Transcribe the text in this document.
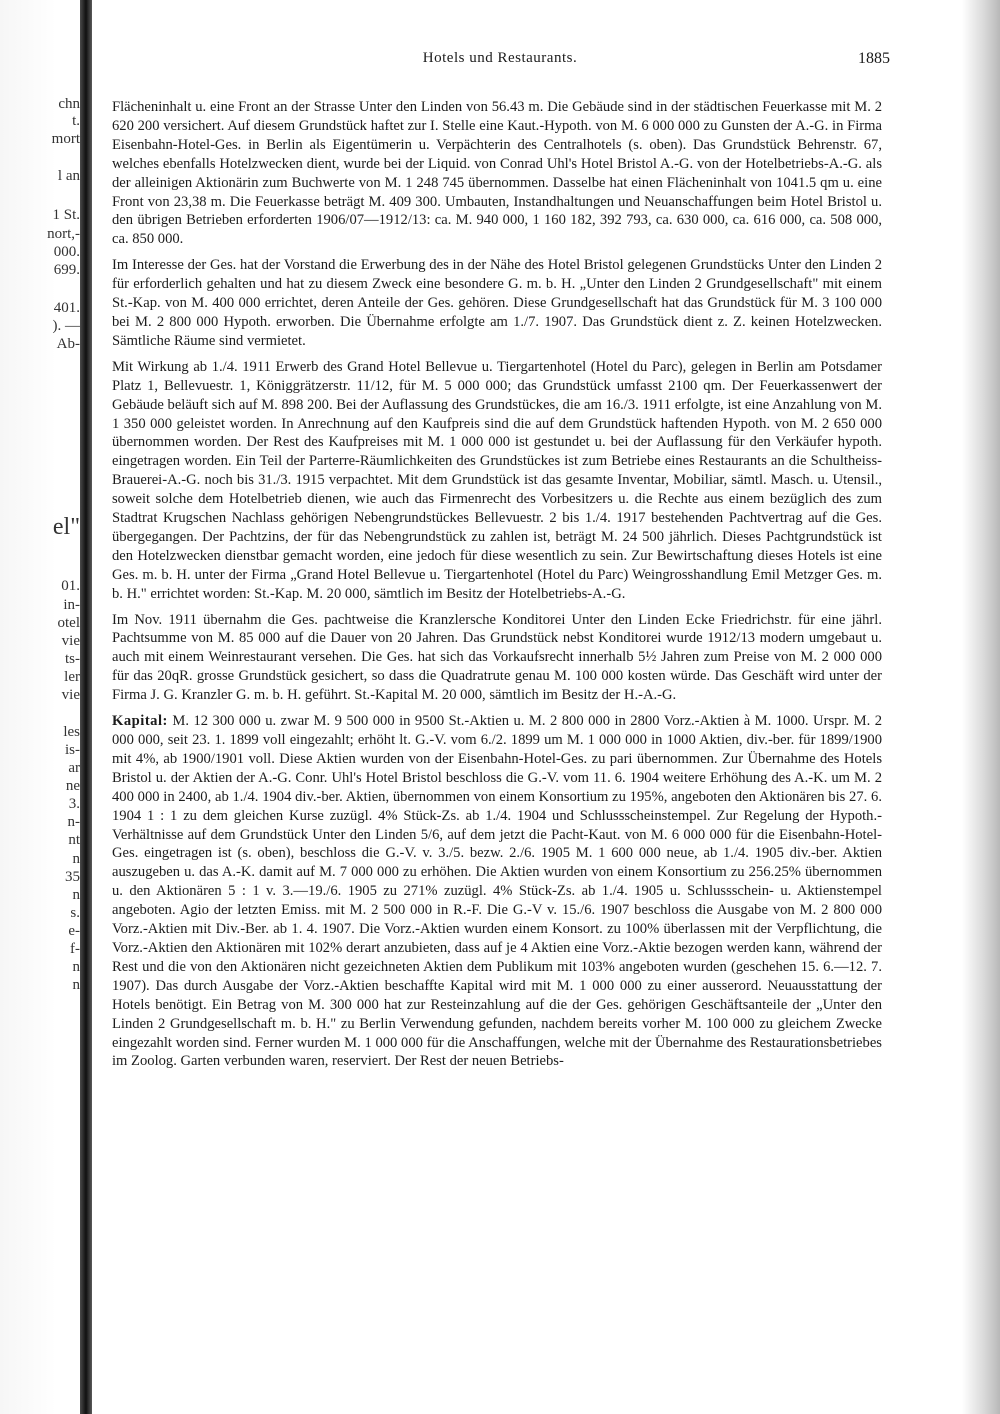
chn
t.
mort
l an
1 St.
nort,-
000.
699.
401.
). —
Ab-
el"
01.
in-
otel
vie
ts-
ler
vie
les
is-
ar
ne
3.
n-
nt
n
35
n
s.
e-
f-
n
n
Hotels und Restaurants.	1885

Flächeninhalt u. eine Front an der Strasse Unter den Linden von 56.43 m. Die Gebäude sind in der städtischen Feuerkasse mit M. 2 620 200 versichert. Auf diesem Grundstück haftet zur I. Stelle eine Kaut.-Hypoth. von M. 6 000 000 zu Gunsten der A.-G. in Firma Eisenbahn-Hotel-Ges. in Berlin als Eigentümerin u. Verpächterin des Centralhotels (s. oben). Das Grundstück Behrenstr. 67, welches ebenfalls Hotelzwecken dient, wurde bei der Liquid. von Conrad Uhl's Hotel Bristol A.-G. von der Hotelbetriebs-A.-G. als der alleinigen Aktionärin zum Buchwerte von M. 1 248 745 übernommen. Dasselbe hat einen Flächeninhalt von 1041.5 qm u. eine Front von 23,38 m. Die Feuerkasse beträgt M. 409 300. Umbauten, Instandhaltungen und Neuanschaffungen beim Hotel Bristol u. den übrigen Betrieben erforderten 1906/07—1912/13: ca. M. 940 000, 1 160 182, 392 793, ca. 630 000, ca. 616 000, ca. 508 000, ca. 850 000.

Im Interesse der Ges. hat der Vorstand die Erwerbung des in der Nähe des Hotel Bristol gelegenen Grundstücks Unter den Linden 2 für erforderlich gehalten und hat zu diesem Zweck eine besondere G. m. b. H. „Unter den Linden 2 Grundgesellschaft" mit einem St.-Kap. von M. 400 000 errichtet, deren Anteile der Ges. gehören. Diese Grundgesellschaft hat das Grundstück für M. 3 100 000 bei M. 2 800 000 Hypoth. erworben. Die Übernahme erfolgte am 1./7. 1907. Das Grundstück dient z. Z. keinen Hotelzwecken. Sämtliche Räume sind vermietet.

Mit Wirkung ab 1./4. 1911 Erwerb des Grand Hotel Bellevue u. Tiergartenhotel (Hotel du Parc), gelegen in Berlin am Potsdamer Platz 1, Bellevuestr. 1, Königgrätzerstr. 11/12, für M. 5 000 000; das Grundstück umfasst 2100 qm. Der Feuerkassenwert der Gebäude beläuft sich auf M. 898 200. Bei der Auflassung des Grundstückes, die am 16./3. 1911 erfolgte, ist eine Anzahlung von M. 1 350 000 geleistet worden. In Anrechnung auf den Kaufpreis sind die auf dem Grundstück haftenden Hypoth. von M. 2 650 000 übernommen worden. Der Rest des Kaufpreises mit M. 1 000 000 ist gestundet u. bei der Auflassung für den Verkäufer hypoth. eingetragen worden. Ein Teil der Parterre-Räumlichkeiten des Grundstückes ist zum Betriebe eines Restaurants an die Schultheiss-Brauerei-A.-G. noch bis 31./3. 1915 verpachtet. Mit dem Grundstück ist das gesamte Inventar, Mobiliar, sämtl. Masch. u. Utensil., soweit solche dem Hotelbetrieb dienen, wie auch das Firmenrecht des Vorbesitzers u. die Rechte aus einem bezüglich des zum Stadtrat Krugschen Nachlass gehörigen Nebengrundstückes Bellevuestr. 2 bis 1./4. 1917 bestehenden Pachtvertrag auf die Ges. übergegangen. Der Pachtzins, der für das Nebengrundstück zu zahlen ist, beträgt M. 24 500 jährlich. Dieses Pachtgrundstück ist den Hotelzwecken dienstbar gemacht worden, eine jedoch für diese wesentlich zu sein. Zur Bewirtschaftung dieses Hotels ist eine Ges. m. b. H. unter der Firma „Grand Hotel Bellevue u. Tiergartenhotel (Hotel du Parc) Weingrosshandlung Emil Metzger Ges. m. b. H." errichtet worden: St.-Kap. M. 20 000, sämtlich im Besitz der Hotelbetriebs-A.-G.

Im Nov. 1911 übernahm die Ges. pachtweise die Kranzlersche Konditorei Unter den Linden Ecke Friedrichstr. für eine jährl. Pachtsumme von M. 85 000 auf die Dauer von 20 Jahren. Das Grundstück nebst Konditorei wurde 1912/13 modern umgebaut u. auch mit einem Weinrestaurant versehen. Die Ges. hat sich das Vorkaufsrecht innerhalb 5½ Jahren zum Preise von M. 2 000 000 für das 20qR. grosse Grundstück gesichert, so dass die Quadratrute genau M. 100 000 kosten würde. Das Geschäft wird unter der Firma J. G. Kranzler G. m. b. H. geführt. St.-Kapital M. 20 000, sämtlich im Besitz der H.-A.-G.

Kapital: M. 12 300 000 u. zwar M. 9 500 000 in 9500 St.-Aktien u. M. 2 800 000 in 2800 Vorz.-Aktien à M. 1000. Urspr. M. 2 000 000, seit 23. 1. 1899 voll eingezahlt; erhöht lt. G.-V. vom 6./2. 1899 um M. 1 000 000 in 1000 Aktien, div.-ber. für 1899/1900 mit 4%, ab 1900/1901 voll. Diese Aktien wurden von der Eisenbahn-Hotel-Ges. zu pari übernommen. Zur Übernahme des Hotels Bristol u. der Aktien der A.-G. Conr. Uhl's Hotel Bristol beschloss die G.-V. vom 11. 6. 1904 weitere Erhöhung des A.-K. um M. 2 400 000 in 2400, ab 1./4. 1904 div.-ber. Aktien, übernommen von einem Konsortium zu 195%, angeboten den Aktionären bis 27. 6. 1904 1 : 1 zu dem gleichen Kurse zuzügl. 4% Stück-Zs. ab 1./4. 1904 und Schlussscheinstempel. Zur Regelung der Hypoth.-Verhältnisse auf dem Grundstück Unter den Linden 5/6, auf dem jetzt die Pacht-Kaut. von M. 6 000 000 für die Eisenbahn-Hotel-Ges. eingetragen ist (s. oben), beschloss die G.-V. v. 3./5. bezw. 2./6. 1905 M. 1 600 000 neue, ab 1./4. 1905 div.-ber. Aktien auszugeben u. das A.-K. damit auf M. 7 000 000 zu erhöhen. Die Aktien wurden von einem Konsortium zu 256.25% übernommen u. den Aktionären 5 : 1 v. 3.—19./6. 1905 zu 271% zuzügl. 4% Stück-Zs. ab 1./4. 1905 u. Schlussschein- u. Aktienstempel angeboten. Agio der letzten Emiss. mit M. 2 500 000 in R.-F. Die G.-V v. 15./6. 1907 beschloss die Ausgabe von M. 2 800 000 Vorz.-Aktien mit Div.-Ber. ab 1. 4. 1907. Die Vorz.-Aktien wurden einem Konsort. zu 100% überlassen mit der Verpflichtung, die Vorz.-Aktien den Aktionären mit 102% derart anzubieten, dass auf je 4 Aktien eine Vorz.-Aktie bezogen werden kann, während der Rest und die von den Aktionären nicht gezeichneten Aktien dem Publikum mit 103% angeboten wurden (geschehen 15. 6.—12. 7. 1907). Das durch Ausgabe der Vorz.-Aktien beschaffte Kapital wird mit M. 1 000 000 zu einer ausserord. Neuausstattung der Hotels benötigt. Ein Betrag von M. 300 000 hat zur Resteinzahlung auf die der Ges. gehörigen Geschäftsanteile der „Unter den Linden 2 Grundgesellschaft m. b. H." zu Berlin Verwendung gefunden, nachdem bereits vorher M. 100 000 zu gleichem Zwecke eingezahlt worden sind. Ferner wurden M. 1 000 000 für die Anschaffungen, welche mit der Übernahme des Restaurationsbetriebes im Zoolog. Garten verbunden waren, reserviert. Der Rest der neuen Betriebs-
